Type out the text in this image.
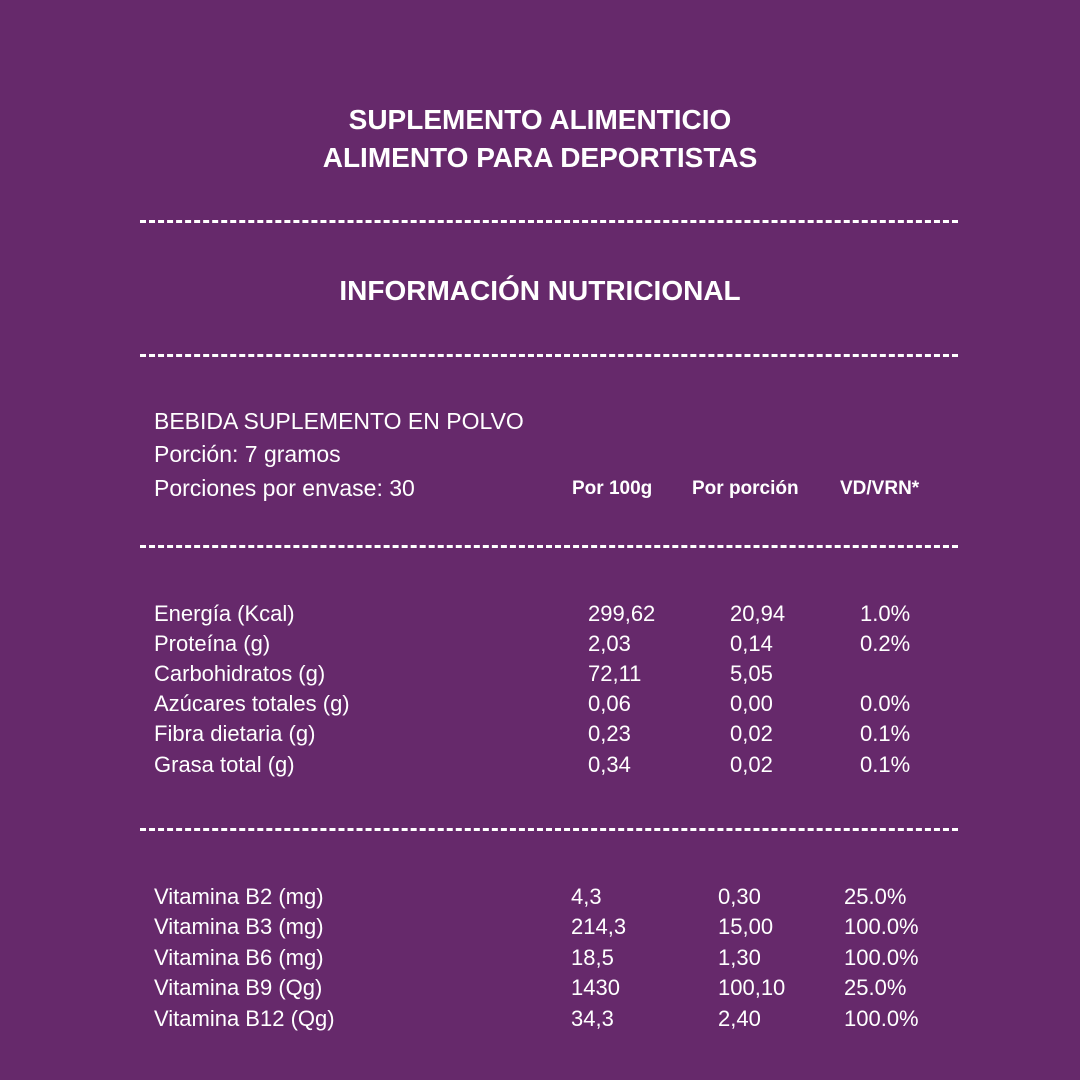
SUPLEMENTO ALIMENTICIO
ALIMENTO PARA DEPORTISTAS
INFORMACIÓN NUTRICIONAL
BEBIDA SUPLEMENTO EN POLVO
Porción: 7 gramos
Porciones por envase: 30	Por 100g Por porción VD/VRN*
Energía (Kcal)	299,62	20,94	1.0%
Proteína (g)	2,03	0,14	0.2%
Carbohidratos (g)	72,11	5,05
Azúcares totales (g)	0,06	0,00	0.0%
Fibra dietaria (g)	0,23	0,02	0.1%
Grasa total (g)	0,34	0,02	0.1%
Vitamina B2 (mg)	4,3	0,30	25.0%
Vitamina B3 (mg)	214,3	15,00	100.0%
Vitamina B6 (mg)	18,5	1,30	100.0%
Vitamina B9 (Qg)	1430	100,10	25.0%
Vitamina B12 (Qg)	34,3	2,40	100.0%
